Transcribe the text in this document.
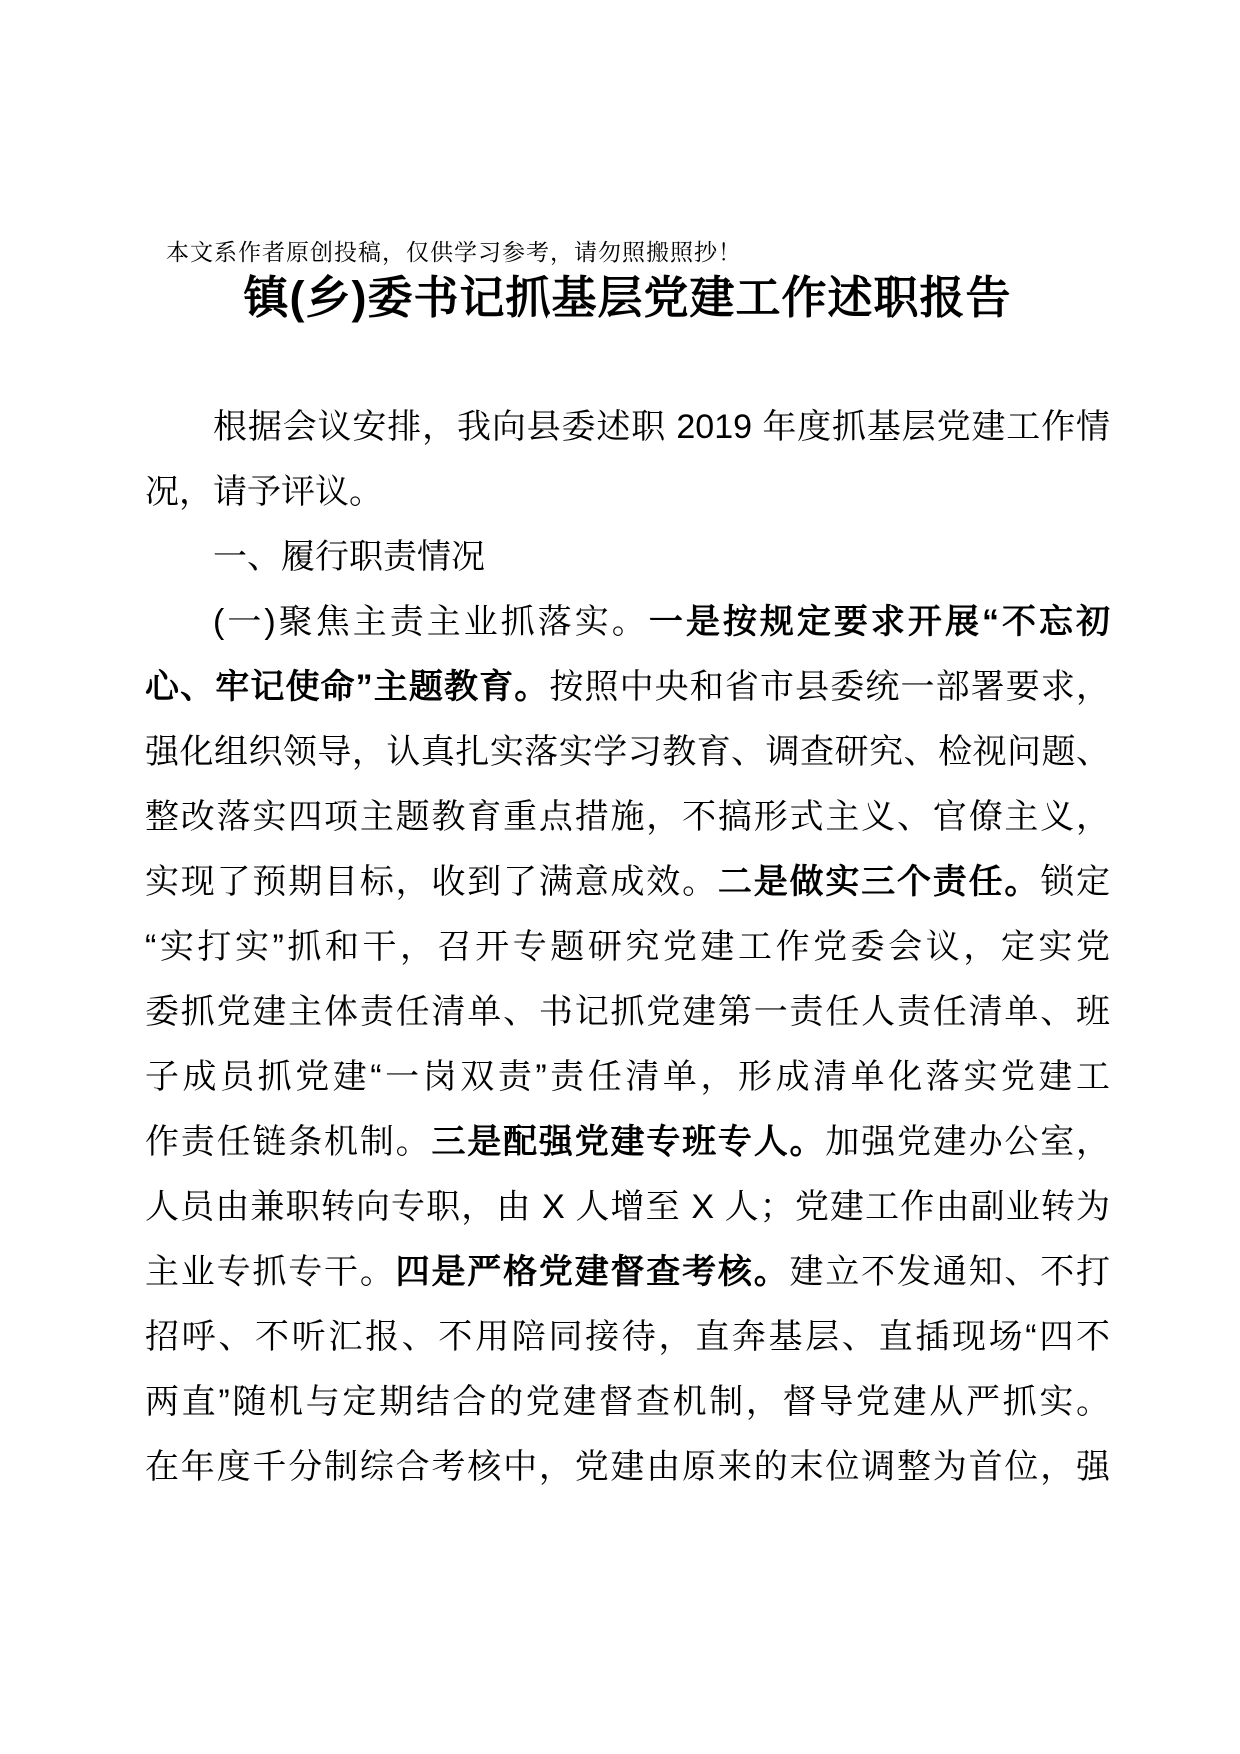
本文系作者原创投稿，仅供学习参考，请勿照搬照抄！
镇(乡)委书记抓基层党建工作述职报告
根据会议安排，我向县委述职 2019 年度抓基层党建工作情
况，请予评议。
一、履行职责情况
(一)聚焦主责主业抓落实。一是按规定要求开展“不忘初
心、牢记使命”主题教育。按照中央和省市县委统一部署要求，
强化组织领导，认真扎实落实学习教育、调查研究、检视问题、
整改落实四项主题教育重点措施，不搞形式主义、官僚主义，
实现了预期目标，收到了满意成效。二是做实三个责任。锁定
“实打实”抓和干，召开专题研究党建工作党委会议，定实党
委抓党建主体责任清单、书记抓党建第一责任人责任清单、班
子成员抓党建“一岗双责”责任清单，形成清单化落实党建工
作责任链条机制。三是配强党建专班专人。加强党建办公室，
人员由兼职转向专职，由 X 人增至 X 人；党建工作由副业转为
主业专抓专干。四是严格党建督查考核。建立不发通知、不打
招呼、不听汇报、不用陪同接待，直奔基层、直插现场“四不
两直”随机与定期结合的党建督查机制，督导党建从严抓实。
在年度千分制综合考核中，党建由原来的末位调整为首位，强
